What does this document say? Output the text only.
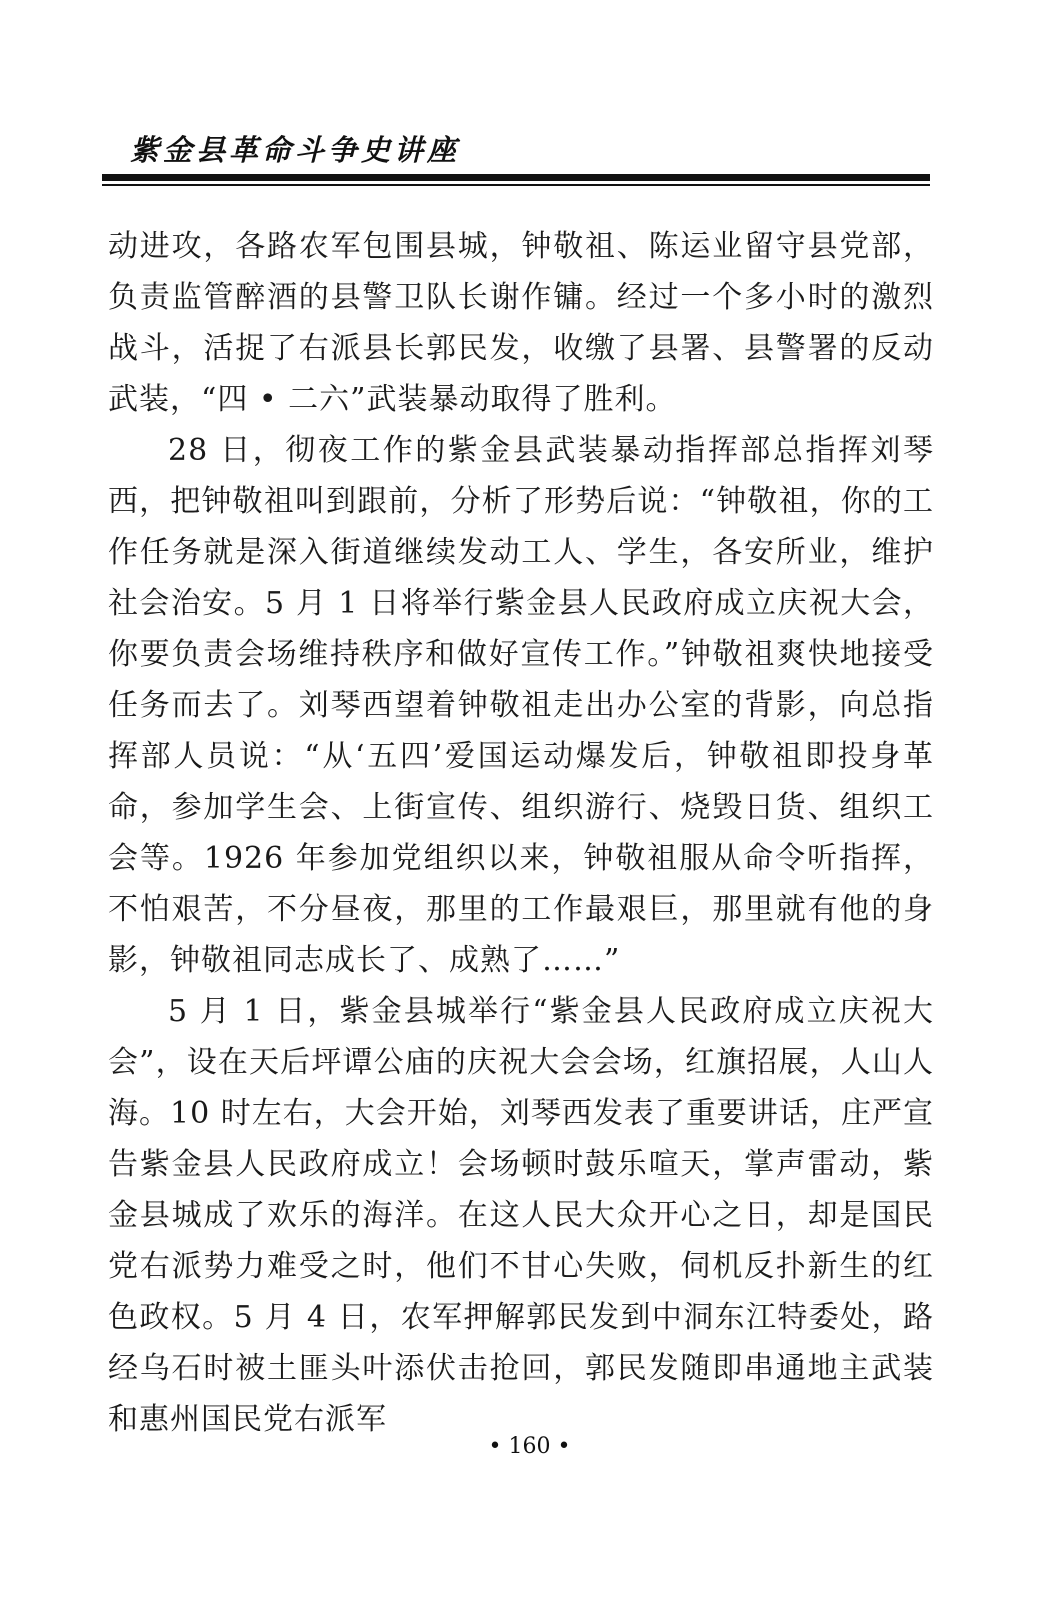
紫金县革命斗争史讲座

动进攻，各路农军包围县城，钟敬祖、陈运业留守县党部，负责监管醉酒的县警卫队长谢作镛。经过一个多小时的激烈战斗，活捉了右派县长郭民发，收缴了县署、县警署的反动武装，“四 • 二六”武装暴动取得了胜利。

28 日，彻夜工作的紫金县武装暴动指挥部总指挥刘琴西，把钟敬祖叫到跟前，分析了形势后说：“钟敬祖，你的工作任务就是深入街道继续发动工人、学生，各安所业，维护社会治安。5 月 1 日将举行紫金县人民政府成立庆祝大会，你要负责会场维持秩序和做好宣传工作。”钟敬祖爽快地接受任务而去了。刘琴西望着钟敬祖走出办公室的背影，向总指挥部人员说：“从‘五四’爱国运动爆发后，钟敬祖即投身革命，参加学生会、上街宣传、组织游行、烧毁日货、组织工会等。1926 年参加党组织以来，钟敬祖服从命令听指挥，不怕艰苦，不分昼夜，那里的工作最艰巨，那里就有他的身影，钟敬祖同志成长了、成熟了……”

5 月 1 日，紫金县城举行“紫金县人民政府成立庆祝大会”，设在天后坪谭公庙的庆祝大会会场，红旗招展，人山人海。10 时左右，大会开始，刘琴西发表了重要讲话，庄严宣告紫金县人民政府成立！会场顿时鼓乐喧天，掌声雷动，紫金县城成了欢乐的海洋。在这人民大众开心之日，却是国民党右派势力难受之时，他们不甘心失败，伺机反扑新生的红色政权。5 月 4 日，农军押解郭民发到中洞东江特委处，路经乌石时被土匪头叶添伏击抢回，郭民发随即串通地主武装和惠州国民党右派军

• 160 •
